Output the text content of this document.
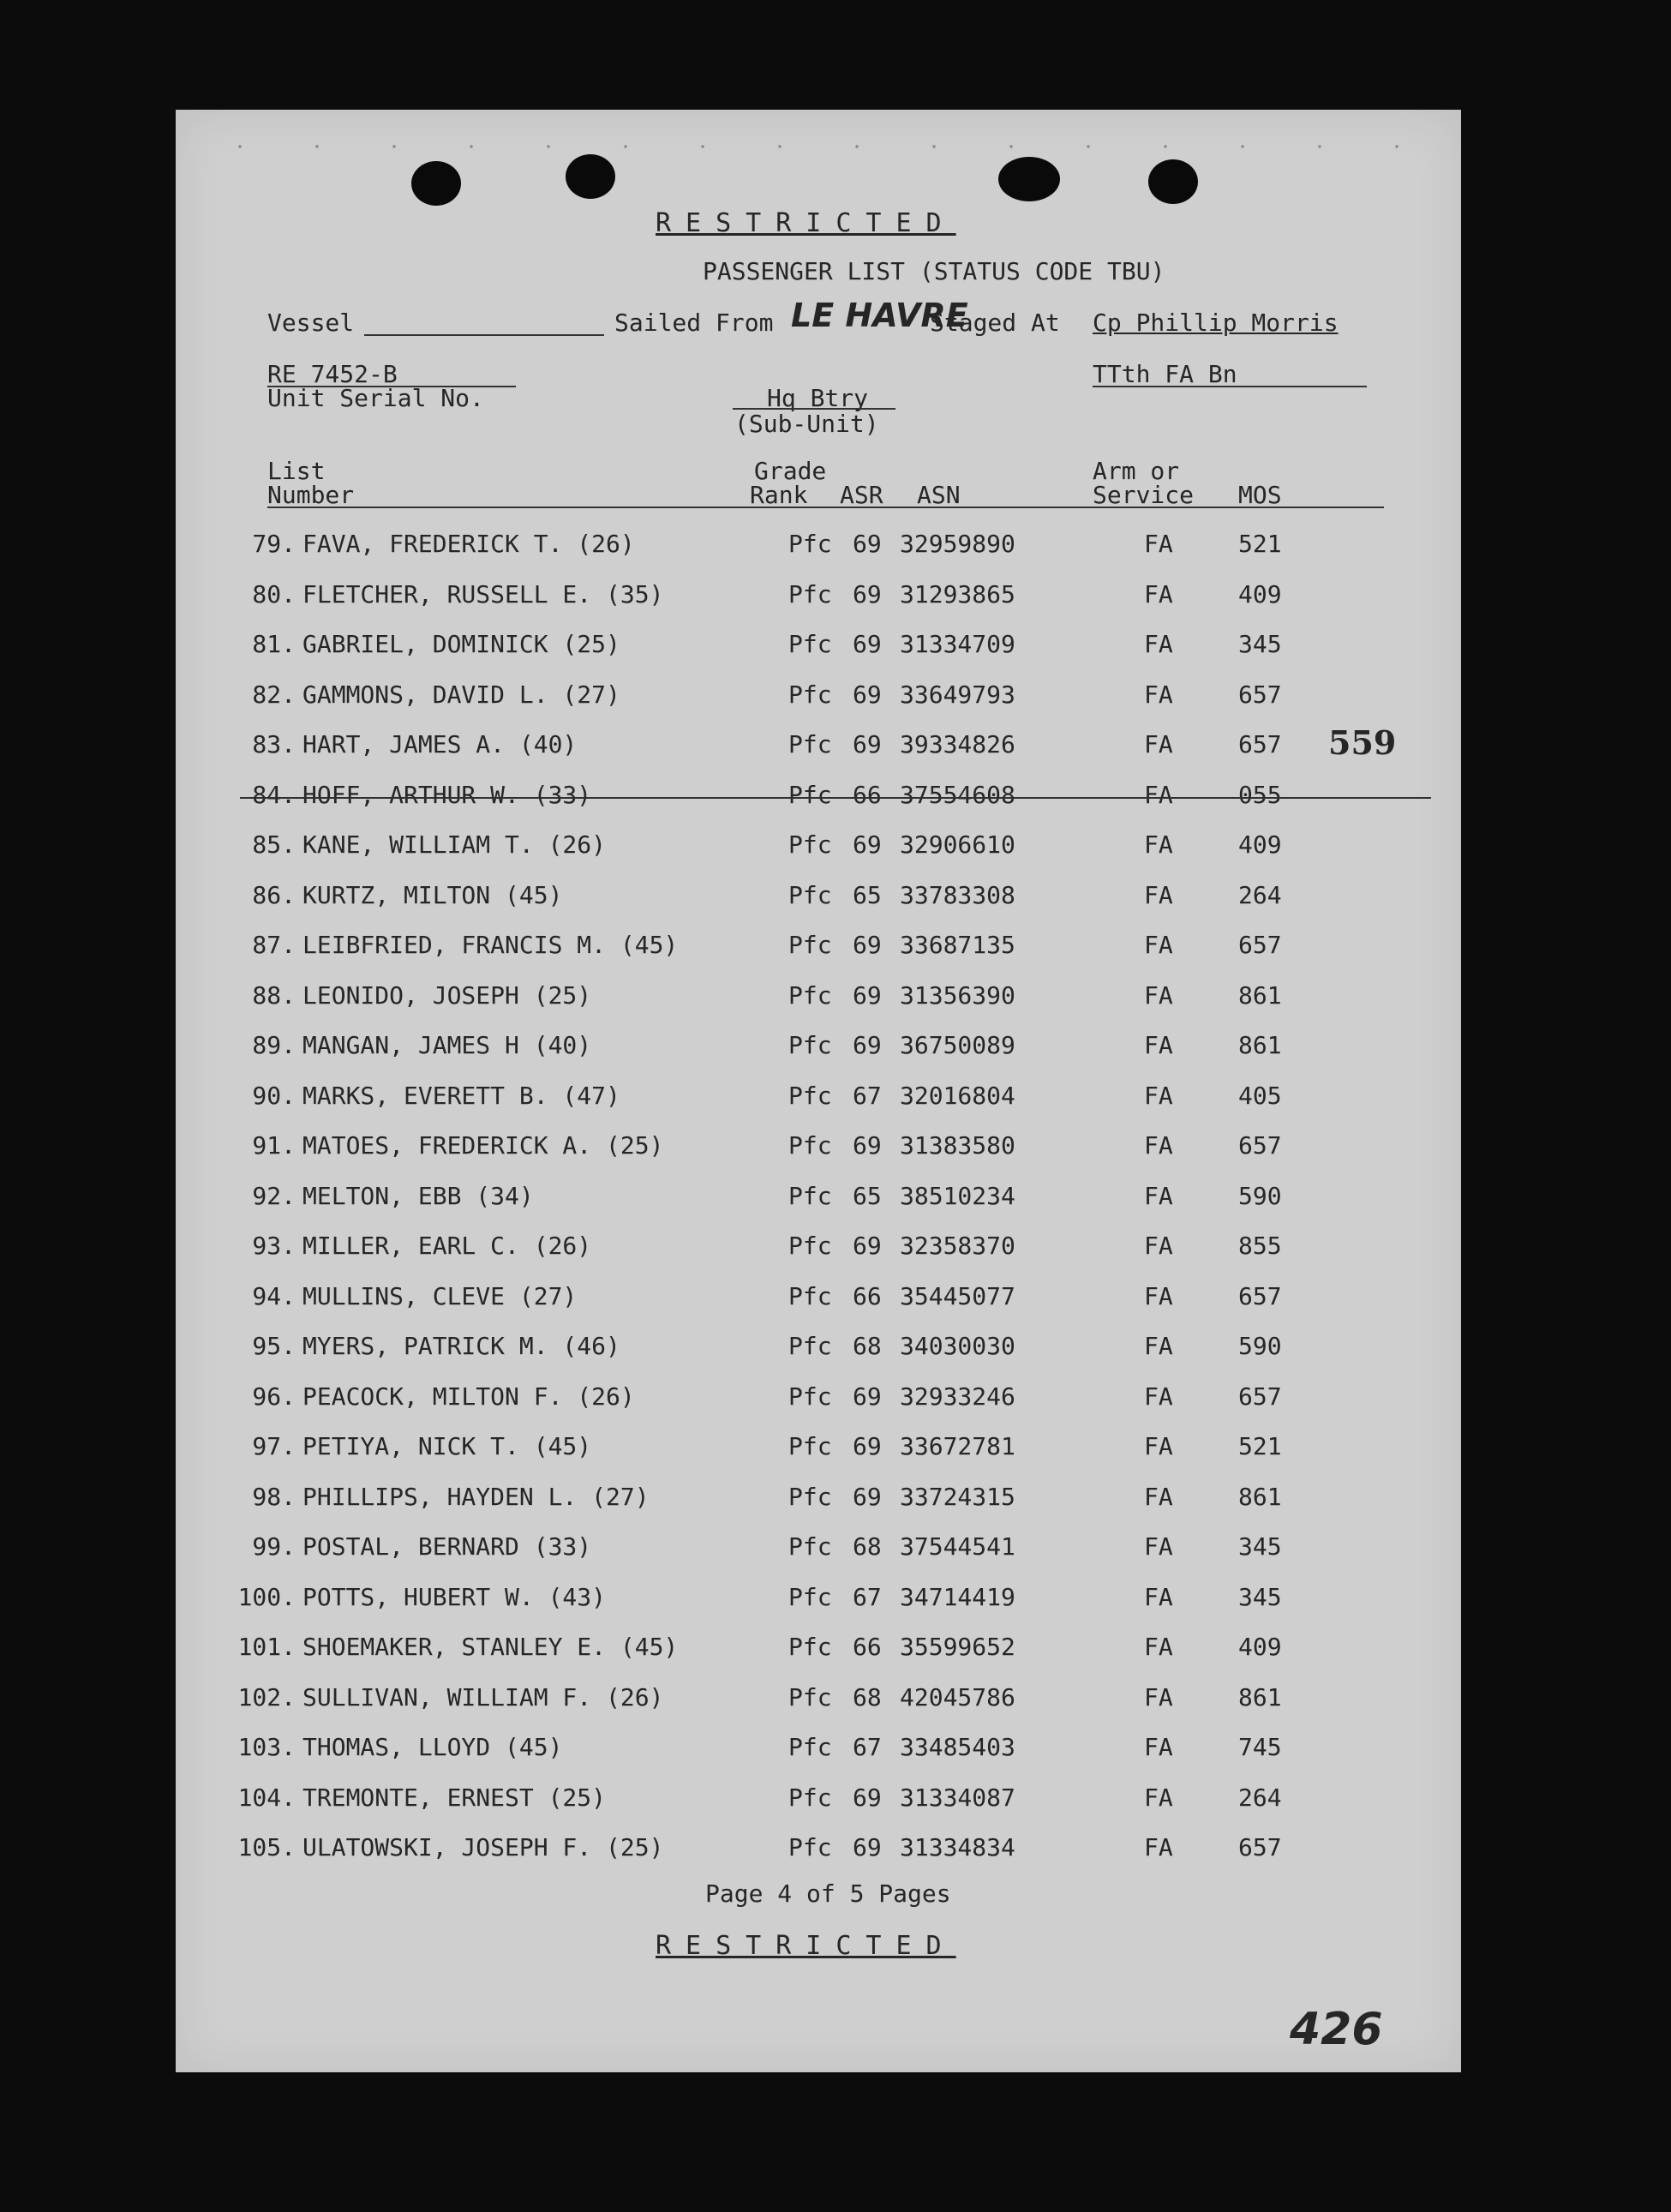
RESTRICTED
PASSENGER LIST (STATUS CODE TBU)
Vessel	Sailed From LE HAVRE
Staged At Cp Phillip Morris
RE 7452-B
Unit Serial No.	Hq Btry
(Sub-Unit)
TTth FA Bn
List
Number
Grade
Rank ASR ASN
Arm or
Service MOS
79. FAVA, FREDERICK T. (26)	Pfc 69 32959890	FA	521
80. FLETCHER, RUSSELL E. (35)	Pfc 69 31293865	FA	409
81. GABRIEL, DOMINICK (25)	Pfc 69 31334709	FA	345
82. GAMMONS, DAVID L. (27)	Pfc 69 33649793	FA	657
83. HART, JAMES A. (40)	Pfc 69 39334826	FA	657 559
84. HOFF, ARTHUR W. (33)	Pfc 66 37554608	FA	055
85. KANE, WILLIAM T. (26)	Pfc 69 32906610	FA	409
86. KURTZ, MILTON (45)	Pfc 65 33783308	FA	264
87. LEIBFRIED, FRANCIS M. (45)	Pfc 69 33687135	FA	657
88. LEONIDO, JOSEPH (25)	Pfc 69 31356390	FA	861
89. MANGAN, JAMES H (40)	Pfc 69 36750089	FA	861
90. MARKS, EVERETT B. (47)	Pfc 67 32016804	FA	405
91. MATOES, FREDERICK A. (25)	Pfc 69 31383580	FA	657
92. MELTON, EBB (34)	Pfc 65 38510234	FA	590
93. MILLER, EARL C. (26)	Pfc 69 32358370	FA	855
94. MULLINS, CLEVE (27)	Pfc 66 35445077	FA	657
95. MYERS, PATRICK M. (46)	Pfc 68 34030030	FA	590
96. PEACOCK, MILTON F. (26)	Pfc 69 32933246	FA	657
97. PETIYA, NICK T. (45)	Pfc 69 33672781	FA	521
98. PHILLIPS, HAYDEN L. (27)	Pfc 69 33724315	FA	861
99. POSTAL, BERNARD (33)	Pfc 68 37544541	FA	345
100. POTTS, HUBERT W. (43)	Pfc 67 34714419	FA	345
101. SHOEMAKER, STANLEY E. (45)	Pfc 66 35599652	FA	409
102. SULLIVAN, WILLIAM F. (26)	Pfc 68 42045786	FA	861
103. THOMAS, LLOYD (45)	Pfc 67 33485403	FA	745
104. TREMONTE, ERNEST (25)	Pfc 69 31334087	FA	264
105. ULATOWSKI, JOSEPH F. (25)	Pfc 69 31334834	FA	657
Page 4 of 5 Pages
RESTRICTED
426
